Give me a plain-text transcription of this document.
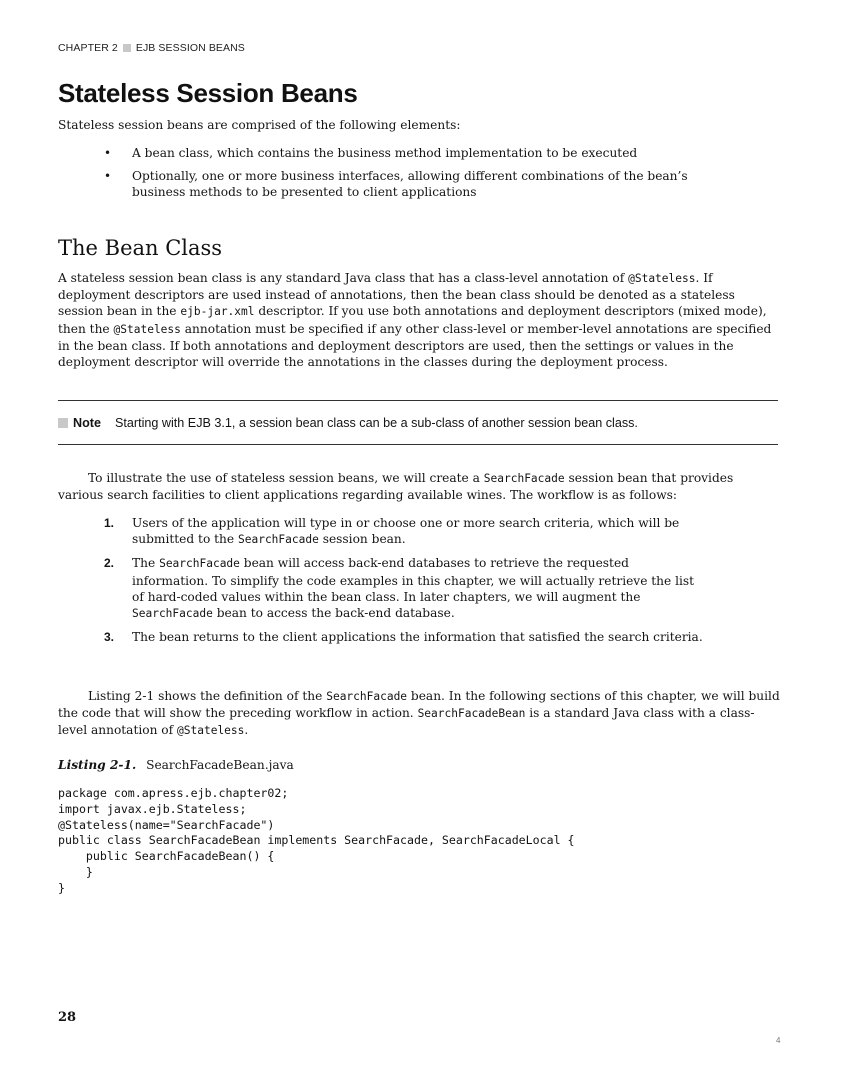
CHAPTER 2 EJB SESSION BEANS
Stateless Session Beans
Stateless session beans are comprised of the following elements:
• A bean class, which contains the business method implementation to be executed
• Optionally, one or more business interfaces, allowing different combinations of the bean’s business methods to be presented to client applications
The Bean Class

A stateless session bean class is any standard Java class that has a class-level annotation of @Stateless. If deployment descriptors are used instead of annotations, then the bean class should be denoted as a stateless session bean in the ejb-jar.xml descriptor. If you use both annotations and deployment descriptors (mixed mode), then the @Stateless annotation must be specified if any other class-level or member-level annotations are specified in the bean class. If both annotations and deployment descriptors are used, then the settings or values in the deployment descriptor will override the annotations in the classes during the deployment process.

Note Starting with EJB 3.1, a session bean class can be a sub-class of another session bean class.

To illustrate the use of stateless session beans, we will create a SearchFacade session bean that provides various search facilities to client applications regarding available wines. The workflow is as follows:

1. Users of the application will type in or choose one or more search criteria, which will be submitted to the SearchFacade session bean.
2. The SearchFacade bean will access back-end databases to retrieve the requested information. To simplify the code examples in this chapter, we will actually retrieve the list of hard-coded values within the bean class. In later chapters, we will augment the SearchFacade bean to access the back-end database.
3. The bean returns to the client applications the information that satisfied the search criteria.

Listing 2-1 shows the definition of the SearchFacade bean. In the following sections of this chapter, we will build the code that will show the preceding workflow in action. SearchFacadeBean is a standard Java class with a class-level annotation of @Stateless.

Listing 2-1. SearchFacadeBean.java
package com.apress.ejb.chapter02;
import javax.ejb.Stateless;
@Stateless(name="SearchFacade")
public class SearchFacadeBean implements SearchFacade, SearchFacadeLocal {
public SearchFacadeBean() {
}
}
28
4
